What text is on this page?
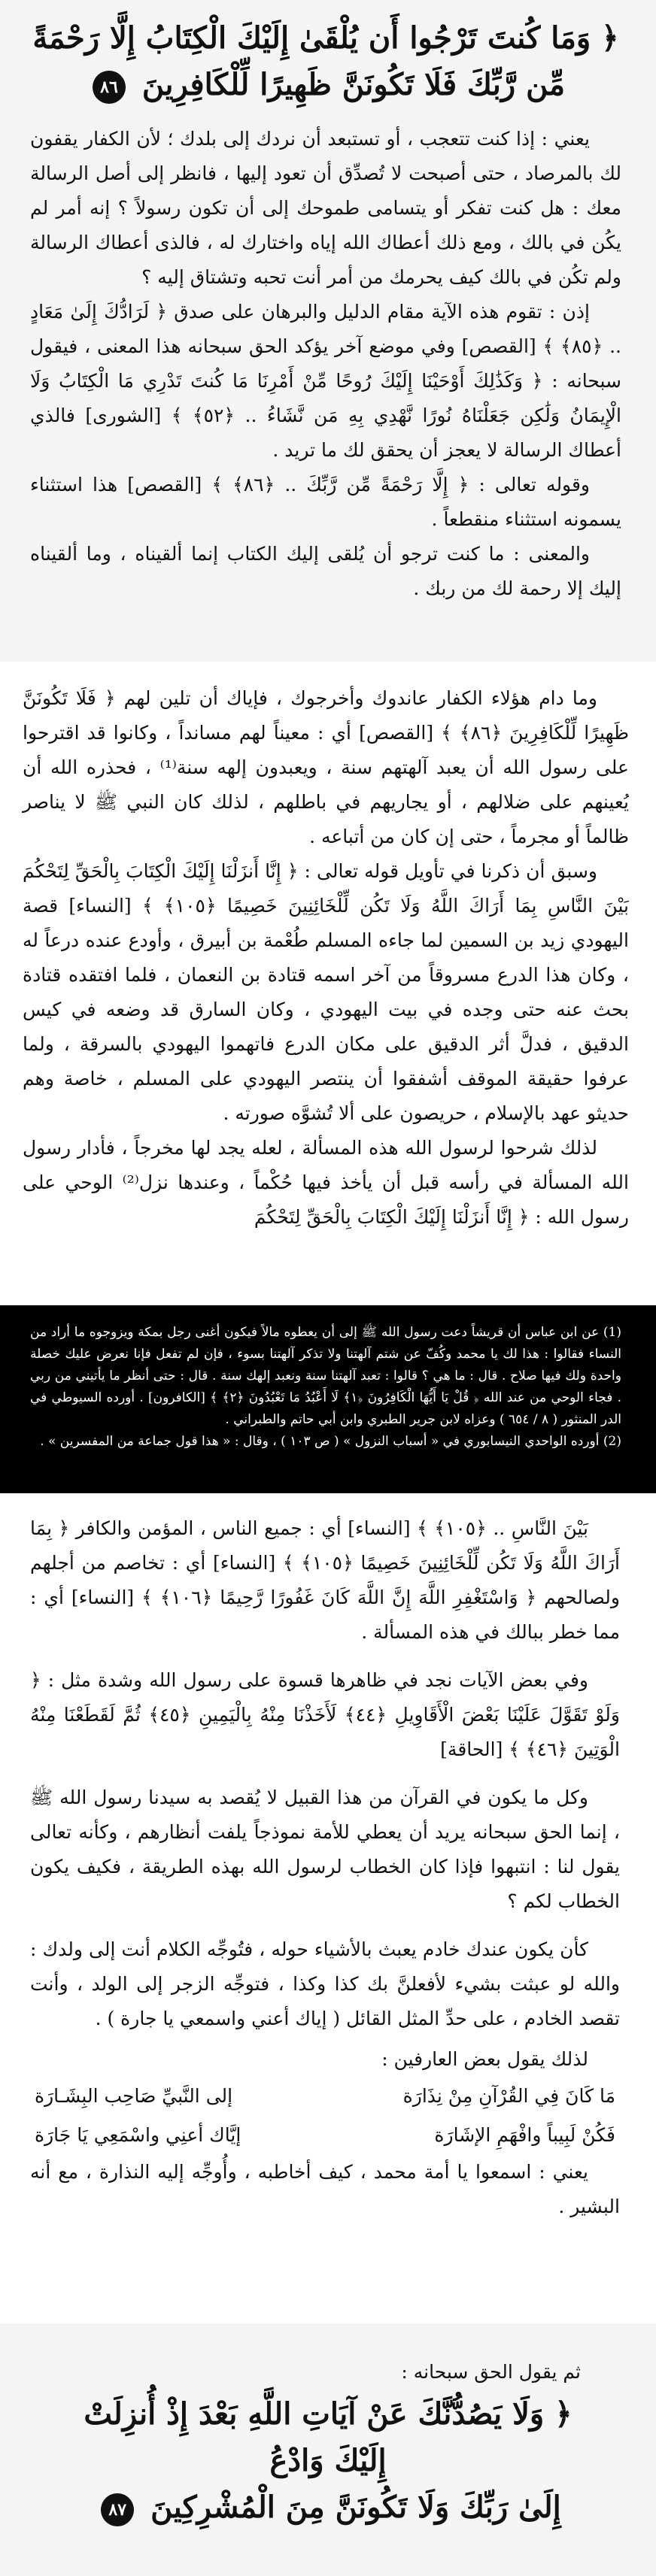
﴿ وَمَا كُنتَ تَرْجُوا أَن يُلْقَىٰ إِلَيْكَ الْكِتَابُ إِلَّا رَحْمَةً
مِّن رَّبِّكَ فَلَا تَكُونَنَّ ظَهِيرًا لِّلْكَافِرِينَ ٨٦

يعني : إذا كنت تتعجب ، أو تستبعد أن نردك إلى بلدك ؛ لأن الكفار يقفون لك بالمرصاد ، حتى أصبحت لا تُصدِّق أن تعود إليها ، فانظر إلى أصل الرسالة معك : هل كنت تفكر أو يتسامى طموحك إلى أن تكون رسولاً ؟ إنه أمر لم يكُن في بالك ، ومع ذلك أعطاك الله إياه واختارك له ، فالذى أعطاك الرسالة ولم تكُن في بالك كيف يحرمك من أمر أنت تحبه وتشتاق إليه ؟

إذن : تقوم هذه الآية مقام الدليل والبرهان على صدق ﴿ لَرَادُّكَ إِلَىٰ مَعَادٍ .. ﴿٨٥﴾ ﴾ [القصص] وفي موضع آخر يؤكد الحق سبحانه هذا المعنى ، فيقول سبحانه : ﴿ وَكَذَٰلِكَ أَوْحَيْنَا إِلَيْكَ رُوحًا مِّنْ أَمْرِنَا مَا كُنتَ تَدْرِي مَا الْكِتَابُ وَلَا الْإِيمَانُ وَلَٰكِن جَعَلْنَاهُ نُورًا نَّهْدِي بِهِ مَن نَّشَاءُ .. ﴿٥٢﴾ ﴾ [الشورى] فالذي أعطاك الرسالة لا يعجز أن يحقق لك ما تريد .

وقوله تعالى : ﴿ إِلَّا رَحْمَةً مِّن رَّبِّكَ .. ﴿٨٦﴾ ﴾ [القصص] هذا استثناء يسمونه استثناء منقطعاً .

والمعنى : ما كنت ترجو أن يُلقى إليك الكتاب إنما ألقيناه ، وما ألقيناه إليك إلا رحمة لك من ربك .

وما دام هؤلاء الكفار عاندوك وأخرجوك ، فإياك أن تلين لهم ﴿ فَلَا تَكُونَنَّ ظَهِيرًا لِّلْكَافِرِينَ ﴿٨٦﴾ ﴾ [القصص] أي : معيناً لهم مسانداً ، وكانوا قد اقترحوا على رسول الله أن يعبد آلهتهم سنة ، ويعبدون إلهه سنة⁽¹⁾ ، فحذره الله أن يُعينهم على ضلالهم ، أو يجاريهم في باطلهم ، لذلك كان النبي ﷺ لا يناصر ظالماً أو مجرماً ، حتى إن كان من أتباعه .

وسبق أن ذكرنا في تأويل قوله تعالى : ﴿ إِنَّا أَنزَلْنَا إِلَيْكَ الْكِتَابَ بِالْحَقِّ لِتَحْكُمَ بَيْنَ النَّاسِ بِمَا أَرَاكَ اللَّهُ وَلَا تَكُن لِّلْخَائِنِينَ خَصِيمًا ﴿١٠٥﴾ ﴾ [النساء] قصة اليهودي زيد بن السمين لما جاءه المسلم طُعْمة بن أبيرق ، وأودع عنده درعاً له ، وكان هذا الدرع مسروقاً من آخر اسمه قتادة بن النعمان ، فلما افتقده قتادة بحث عنه حتى وجده في بيت اليهودي ، وكان السارق قد وضعه في كيس الدقيق ، فدلَّ أثر الدقيق على مكان الدرع فاتهموا اليهودي بالسرقة ، ولما عرفوا حقيقة الموقف أشفقوا أن ينتصر اليهودي على المسلم ، خاصة وهم حديثو عهد بالإسلام ، حريصون على ألا تُشوَّه صورته .

لذلك شرحوا لرسول الله هذه المسألة ، لعله يجد لها مخرجاً ، فأدار رسول الله المسألة في رأسه قبل أن يأخذ فيها حُكْماً ، وعندها نزل⁽²⁾ الوحي على رسول الله : ﴿ إِنَّا أَنزَلْنَا إِلَيْكَ الْكِتَابَ بِالْحَقِّ لِتَحْكُمَ

(1) عن ابن عباس أن قريشاً دعت رسول الله ﷺ إلى أن يعطوه مالاً فيكون أغنى رجل بمكة ويزوجوه ما أراد من النساء فقالوا : هذا لك يا محمد وكُفّ عن شتم آلهتنا ولا تذكر آلهتنا بسوء ، فإن لم تفعل فإنا نعرض عليك خصلة واحدة ولك فيها صلاح . قال : ما هي ؟ قالوا : تعبد آلهتنا سنة ونعبد إلهك سنة . قال : حتى أنظر ما يأتيني من ربي . فجاء الوحي من عند الله ﴿ قُلْ يَا أَيُّهَا الْكَافِرُونَ ﴿١﴾ لَا أَعْبُدُ مَا تَعْبُدُونَ ﴿٢﴾ ﴾ [الكافرون] . أورده السيوطي في الدر المنثور ( ٨ / ٦٥٤ ) وعزاه لابن جرير الطبري وابن أبي حاتم والطبراني .

(2) أورده الواحدي النيسابوري في « أسباب النزول » ( ص ١٠٣ ) ، وقال : « هذا قول جماعة من المفسرين » .

بَيْنَ النَّاسِ .. ﴿١٠٥﴾ ﴾ [النساء] أي : جميع الناس ، المؤمن والكافر ﴿ بِمَا أَرَاكَ اللَّهُ وَلَا تَكُن لِّلْخَائِنِينَ خَصِيمًا ﴿١٠٥﴾ ﴾ [النساء] أي : تخاصم من أجلهم ولصالحهم ﴿ وَاسْتَغْفِرِ اللَّهَ إِنَّ اللَّهَ كَانَ غَفُورًا رَّحِيمًا ﴿١٠٦﴾ ﴾ [النساء] أي : مما خطر ببالك في هذه المسألة .

وفي بعض الآيات نجد في ظاهرها قسوة على رسول الله وشدة مثل : ﴿ وَلَوْ تَقَوَّلَ عَلَيْنَا بَعْضَ الْأَقَاوِيلِ ﴿٤٤﴾ لَأَخَذْنَا مِنْهُ بِالْيَمِينِ ﴿٤٥﴾ ثُمَّ لَقَطَعْنَا مِنْهُ الْوَتِينَ ﴿٤٦﴾ ﴾ [الحاقة]

وكل ما يكون في القرآن من هذا القبيل لا يُقصد به سيدنا رسول الله ﷺ ، إنما الحق سبحانه يريد أن يعطي للأمة نموذجاً يلفت أنظارهم ، وكأنه تعالى يقول لنا : انتبهوا فإذا كان الخطاب لرسول الله بهذه الطريقة ، فكيف يكون الخطاب لكم ؟

كأن يكون عندك خادم يعبث بالأشياء حوله ، فتُوجِّه الكلام أنت إلى ولدك : والله لو عبثت بشيء لأفعلنَّ بك كذا وكذا ، فتوجِّه الزجر إلى الولد ، وأنت تقصد الخادم ، على حدِّ المثل القائل ( إياك أعني واسمعي يا جارة ) .

لذلك يقول بعض العارفين :

مَا كَانَ فِي القُرْآنِ مِنْ نِذَارَة
إلى النَّبيِّ صَاحِب البِشَـارَة
فَكُنْ لَبِيباً وافْهَمِ الإشَارَة
إيَّاك أعنِي واسْمَعِي يَا جَارَة

يعني : اسمعوا يا أمة محمد ، كيف أخاطبه ، وأُوجِّه إليه النذارة ، مع أنه البشير .

ثم يقول الحق سبحانه :
﴿ وَلَا يَصُدُّنَّكَ عَنْ آيَاتِ اللَّهِ بَعْدَ إِذْ أُنزِلَتْ إِلَيْكَ وَادْعُ
إِلَىٰ رَبِّكَ وَلَا تَكُونَنَّ مِنَ الْمُشْرِكِينَ ٨٧
